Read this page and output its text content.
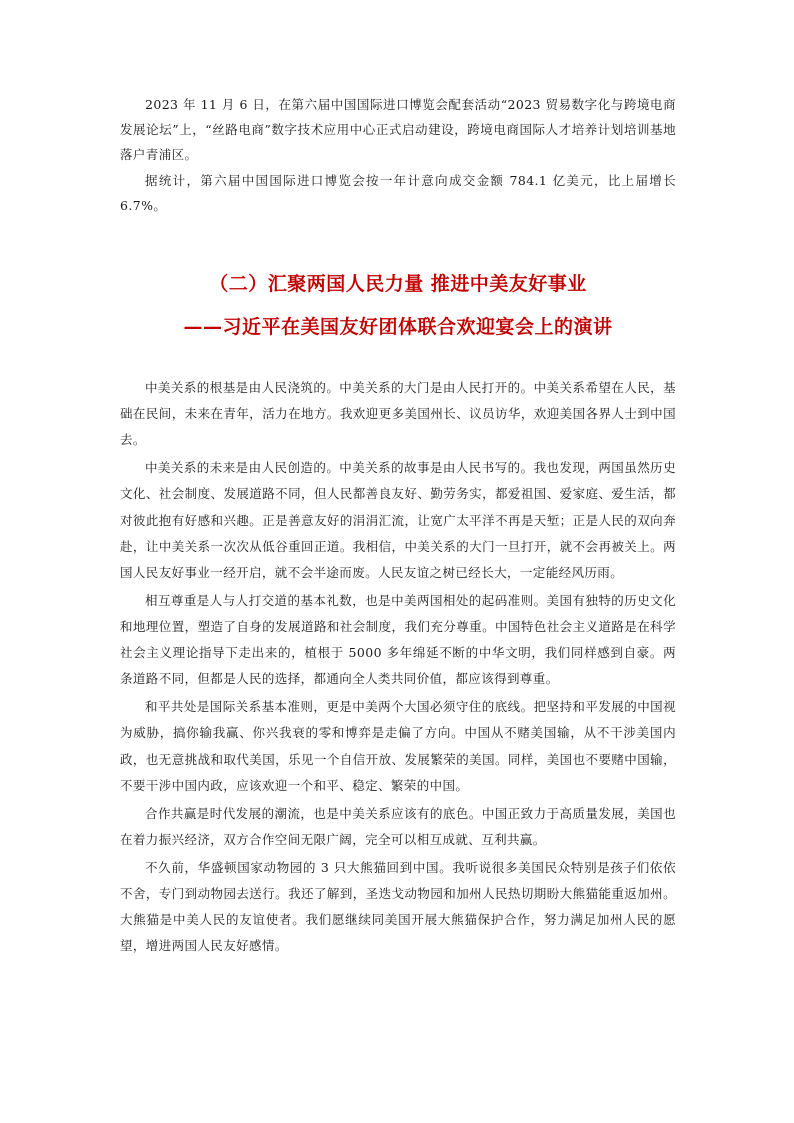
2023 年 11 月 6 日，在第六届中国国际进口博览会配套活动“2023 贸易数字化与跨境电商发展论坛”上，“丝路电商”数字技术应用中心正式启动建设，跨境电商国际人才培养计划培训基地落户青浦区。

据统计，第六届中国国际进口博览会按一年计意向成交金额 784.1 亿美元，比上届增长 6.7%。

（二）汇聚两国人民力量 推进中美友好事业
——习近平在美国友好团体联合欢迎宴会上的演讲

中美关系的根基是由人民浇筑的。中美关系的大门是由人民打开的。中美关系希望在人民，基础在民间，未来在青年，活力在地方。我欢迎更多美国州长、议员访华，欢迎美国各界人士到中国去。

中美关系的未来是由人民创造的。中美关系的故事是由人民书写的。我也发现，两国虽然历史文化、社会制度、发展道路不同，但人民都善良友好、勤劳务实，都爱祖国、爱家庭、爱生活，都对彼此抱有好感和兴趣。正是善意友好的涓涓汇流，让宽广太平洋不再是天堑；正是人民的双向奔赴，让中美关系一次次从低谷重回正道。我相信，中美关系的大门一旦打开，就不会再被关上。两国人民友好事业一经开启，就不会半途而废。人民友谊之树已经长大，一定能经风历雨。

相互尊重是人与人打交道的基本礼数，也是中美两国相处的起码准则。美国有独特的历史文化和地理位置，塑造了自身的发展道路和社会制度，我们充分尊重。中国特色社会主义道路是在科学社会主义理论指导下走出来的，植根于 5000 多年绵延不断的中华文明，我们同样感到自豪。两条道路不同，但都是人民的选择，都通向全人类共同价值，都应该得到尊重。

和平共处是国际关系基本准则，更是中美两个大国必须守住的底线。把坚持和平发展的中国视为威胁，搞你输我赢、你兴我衰的零和博弈是走偏了方向。中国从不赌美国输，从不干涉美国内政，也无意挑战和取代美国，乐见一个自信开放、发展繁荣的美国。同样，美国也不要赌中国输，不要干涉中国内政，应该欢迎一个和平、稳定、繁荣的中国。

合作共赢是时代发展的潮流，也是中美关系应该有的底色。中国正致力于高质量发展，美国也在着力振兴经济，双方合作空间无限广阔，完全可以相互成就、互利共赢。

不久前，华盛顿国家动物园的 3 只大熊猫回到中国。我听说很多美国民众特别是孩子们依依不舍，专门到动物园去送行。我还了解到，圣迭戈动物园和加州人民热切期盼大熊猫能重返加州。大熊猫是中美人民的友谊使者。我们愿继续同美国开展大熊猫保护合作，努力满足加州人民的愿望，增进两国人民友好感情。
